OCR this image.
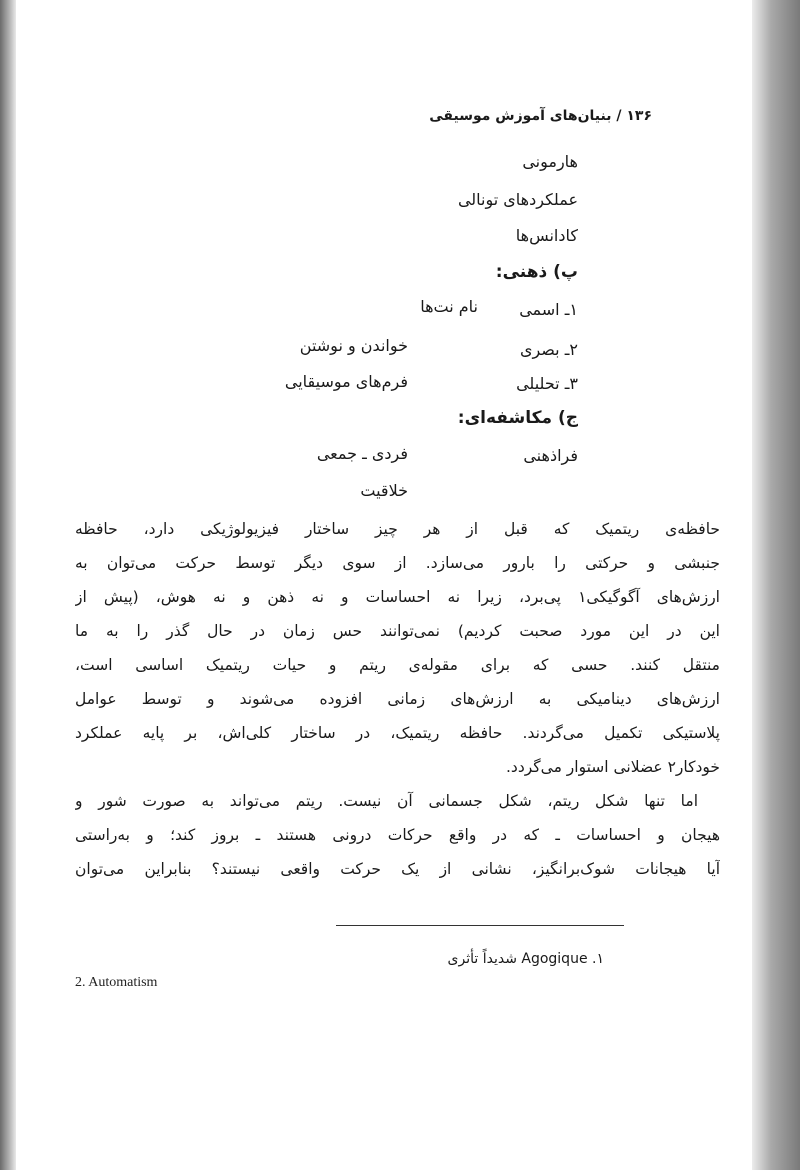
۱۳۶ / بنیان‌های آموزش موسیقی
هارمونی
عملکردهای تونالی
کادانس‌ها
پ) ذهنی:
۱ـ اسمی
نام نت‌ها
۲ـ بصری
خواندن و نوشتن
۳ـ تحلیلی
فرم‌های موسیقایی
ج) مکاشفه‌ای:
فراذهنی
فردی ـ جمعی
خلاقیت
حافظه‌ی ریتمیک که قبل از هر چیز ساختار فیزیولوژیکی دارد، حافظه
جنبشی و حرکتی را بارور می‌سازد. از سوی دیگر توسط حرکت می‌توان به
ارزش‌های آگوگیکی۱ پی‌برد، زیرا نه احساسات و نه ذهن و نه هوش، (پیش از
این در این مورد صحبت کردیم) نمی‌توانند حس زمان در حال گذر را به ما
منتقل کنند. حسی که برای مقوله‌ی ریتم و حیات ریتمیک اساسی است،
ارزش‌های دینامیکی به ارزش‌های زمانی افزوده می‌شوند و توسط عوامل
پلاستیکی تکمیل می‌گردند. حافظه ریتمیک، در ساختار کلی‌اش، بر پایه عملکرد
خودکار۲ عضلانی استوار می‌گردد.
اما تنها شکل ریتم، شکل جسمانی آن نیست. ریتم می‌تواند به صورت شور و
هیجان و احساسات ـ که در واقع حرکات درونی هستند ـ بروز کند؛ و به‌راستی
آیا هیجانات شوک‌برانگیز، نشانی از یک حرکت واقعی نیستند؟ بنابراین می‌توان
۱. Agogique شدیداً تأثری
2. Automatism
